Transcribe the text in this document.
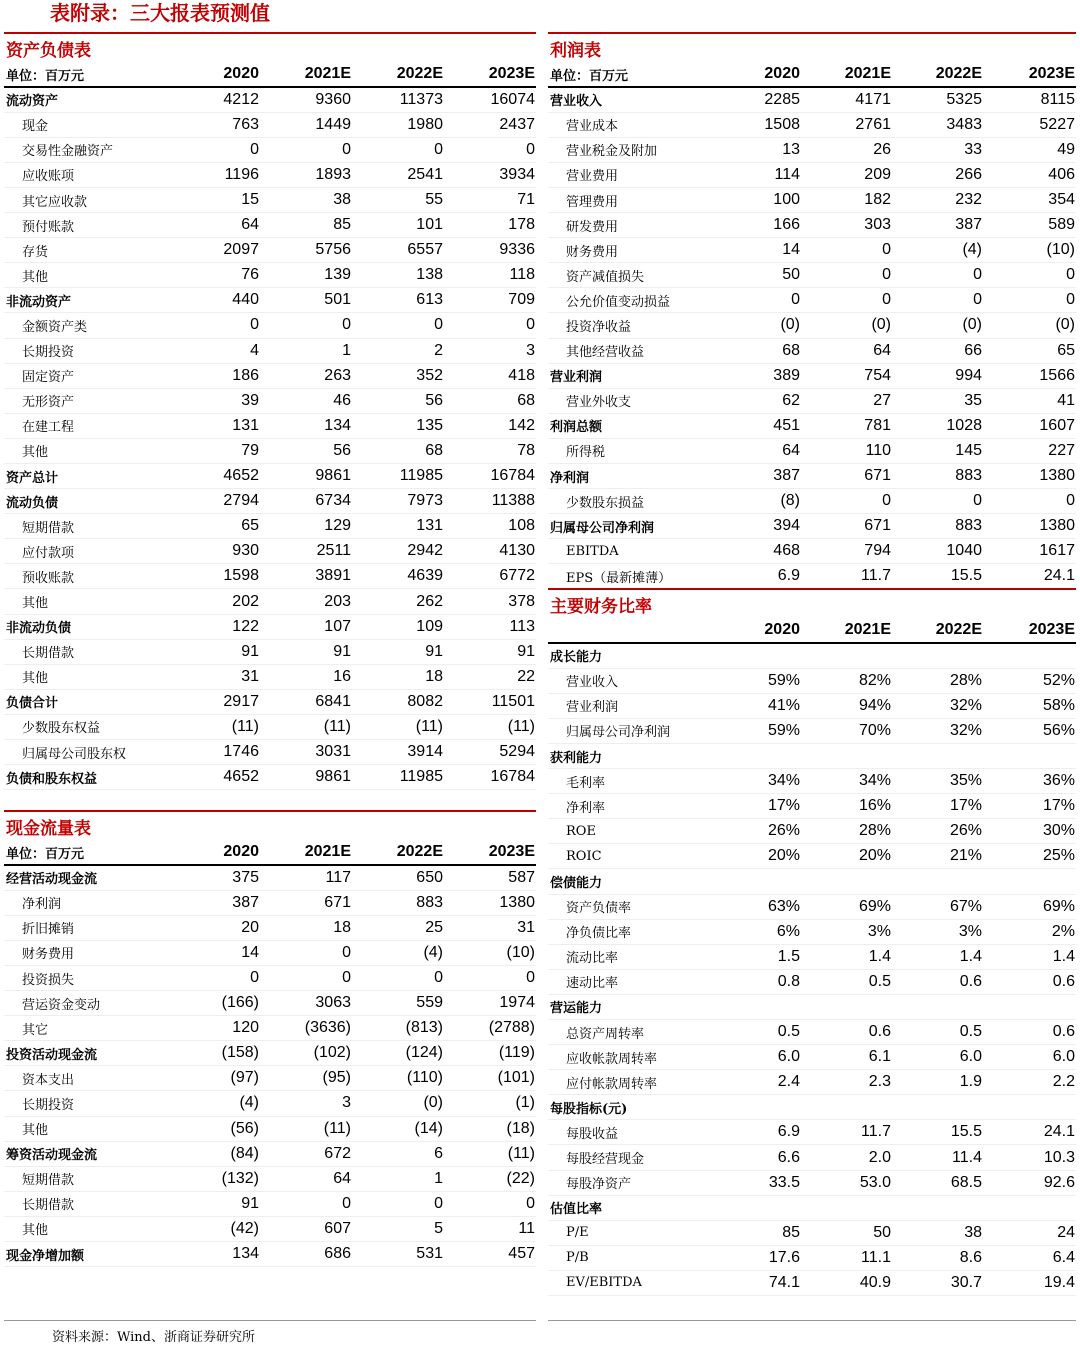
表附录：三大报表预测值
资产负债表
单位：百万元	2020	2021E	2022E	2023E
流动资产	4212	9360	11373	16074
现金	763	1449	1980	2437
交易性金融资产	0	0	0	0
应收账项	1196	1893	2541	3934
其它应收款	15	38	55	71
预付账款	64	85	101	178
存货	2097	5756	6557	9336
其他	76	139	138	118
非流动资产	440	501	613	709
金额资产类	0	0	0	0
长期投资	4	1	2	3
固定资产	186	263	352	418
无形资产	39	46	56	68
在建工程	131	134	135	142
其他	79	56	68	78
资产总计	4652	9861	11985	16784
流动负债	2794	6734	7973	11388
短期借款	65	129	131	108
应付款项	930	2511	2942	4130
预收账款	1598	3891	4639	6772
其他	202	203	262	378
非流动负债	122	107	109	113
长期借款	91	91	91	91
其他	31	16	18	22
负债合计	2917	6841	8082	11501
少数股东权益	(11)	(11)	(11)	(11)
归属母公司股东权	1746	3031	3914	5294
负债和股东权益	4652	9861	11985	16784
现金流量表
单位：百万元	2020	2021E	2022E	2023E
经营活动现金流	375	117	650	587
净利润	387	671	883	1380
折旧摊销	20	18	25	31
财务费用	14	0	(4)	(10)
投资损失	0	0	0	0
营运资金变动	(166)	3063	559	1974
其它	120	(3636)	(813)	(2788)
投资活动现金流	(158)	(102)	(124)	(119)
资本支出	(97)	(95)	(110)	(101)
长期投资	(4)	3	(0)	(1)
其他	(56)	(11)	(14)	(18)
筹资活动现金流	(84)	672	6	(11)
短期借款	(132)	64	1	(22)
长期借款	91	0	0	0
其他	(42)	607	5	11
现金净增加额	134	686	531	457
利润表
单位：百万元	2020	2021E	2022E	2023E
营业收入	2285	4171	5325	8115
营业成本	1508	2761	3483	5227
营业税金及附加	13	26	33	49
营业费用	114	209	266	406
管理费用	100	182	232	354
研发费用	166	303	387	589
财务费用	14	0	(4)	(10)
资产减值损失	50	0	0	0
公允价值变动损益	0	0	0	0
投资净收益	(0)	(0)	(0)	(0)
其他经营收益	68	64	66	65
营业利润	389	754	994	1566
营业外收支	62	27	35	41
利润总额	451	781	1028	1607
所得税	64	110	145	227
净利润	387	671	883	1380
少数股东损益	(8)	0	0	0
归属母公司净利润	394	671	883	1380
EBITDA	468	794	1040	1617
EPS（最新摊薄）	6.9	11.7	15.5	24.1
主要财务比率
	2020	2021E	2022E	2023E
成长能力				
营业收入	59%	82%	28%	52%
营业利润	41%	94%	32%	58%
归属母公司净利润	59%	70%	32%	56%
获利能力				
毛利率	34%	34%	35%	36%
净利率	17%	16%	17%	17%
ROE	26%	28%	26%	30%
ROIC	20%	20%	21%	25%
偿债能力				
资产负债率	63%	69%	67%	69%
净负债比率	6%	3%	3%	2%
流动比率	1.5	1.4	1.4	1.4
速动比率	0.8	0.5	0.6	0.6
营运能力				
总资产周转率	0.5	0.6	0.5	0.6
应收帐款周转率	6.0	6.1	6.0	6.0
应付帐款周转率	2.4	2.3	1.9	2.2
每股指标(元)				
每股收益	6.9	11.7	15.5	24.1
每股经营现金	6.6	2.0	11.4	10.3
每股净资产	33.5	53.0	68.5	92.6
估值比率				
P/E	85	50	38	24
P/B	17.6	11.1	8.6	6.4
EV/EBITDA	74.1	40.9	30.7	19.4
资料来源：Wind、浙商证券研究所
